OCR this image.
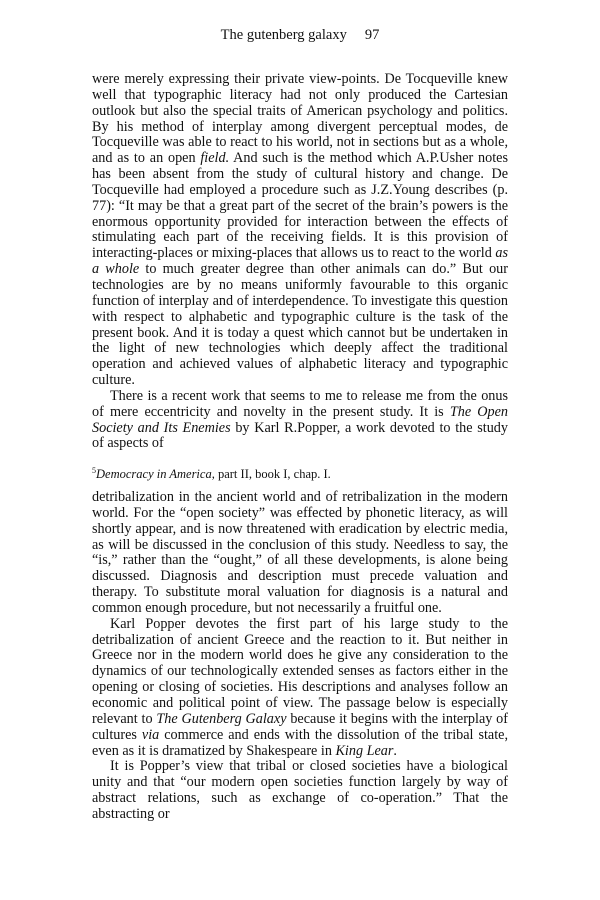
The gutenberg galaxy 97

were merely expressing their private view-points. De Tocqueville knew well that typographic literacy had not only produced the Cartesian outlook but also the special traits of American psychology and politics. By his method of interplay among divergent perceptual modes, de Tocqueville was able to react to his world, not in sections but as a whole, and as to an open field. And such is the method which A.P.Usher notes has been absent from the study of cultural history and change. De Tocqueville had employed a procedure such as J.Z.Young describes (p. 77): “It may be that a great part of the secret of the brain’s powers is the enormous opportunity provided for interaction between the effects of stimulating each part of the receiving fields. It is this provision of interacting-places or mixing-places that allows us to react to the world as a whole to much greater degree than other animals can do.” But our technologies are by no means uniformly favourable to this organic function of interplay and of interdependence. To investigate this question with respect to alphabetic and typographic culture is the task of the present book. And it is today a quest which cannot but be undertaken in the light of new technologies which deeply affect the traditional operation and achieved values of alphabetic literacy and typographic culture.

There is a recent work that seems to me to release me from the onus of mere eccentricity and novelty in the present study. It is The Open Society and Its Enemies by Karl R.Popper, a work devoted to the study of aspects of

$^5$Democracy in America, part II, book I, chap. I.

detribalization in the ancient world and of retribalization in the modern world. For the “open society” was effected by phonetic literacy, as will shortly appear, and is now threatened with eradication by electric media, as will be discussed in the conclusion of this study. Needless to say, the “is,” rather than the “ought,” of all these developments, is alone being discussed. Diagnosis and description must precede valuation and therapy. To substitute moral valuation for diagnosis is a natural and common enough procedure, but not necessarily a fruitful one.

Karl Popper devotes the first part of his large study to the detribalization of ancient Greece and the reaction to it. But neither in Greece nor in the modern world does he give any consideration to the dynamics of our technologically extended senses as factors either in the opening or closing of societies. His descriptions and analyses follow an economic and political point of view. The passage below is especially relevant to The Gutenberg Galaxy because it begins with the interplay of cultures via commerce and ends with the dissolution of the tribal state, even as it is dramatized by Shakespeare in King Lear.

It is Popper’s view that tribal or closed societies have a biological unity and that “our modern open societies function largely by way of abstract relations, such as exchange of co-operation.” That the abstracting or
